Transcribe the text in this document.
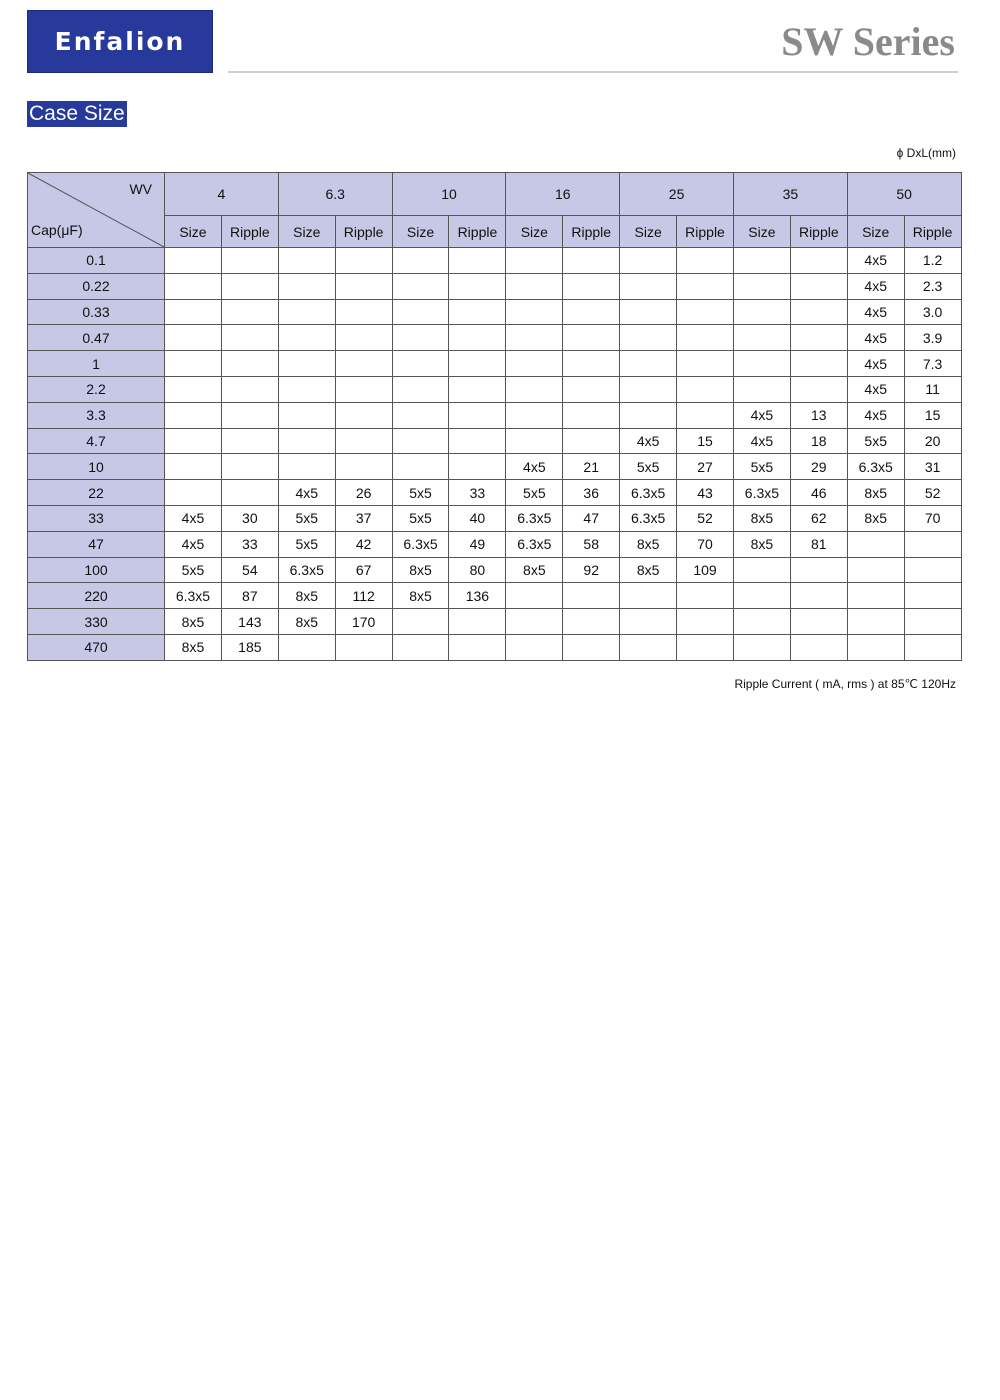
Enfalion	SW Series
Case Size
ϕ DxL(mm)
WV
Cap(μF)	4		6.3		10		16		25		35		50	
	Size	Ripple	Size	Ripple	Size	Ripple	Size	Ripple	Size	Ripple	Size	Ripple	Size	Ripple
0.1													4x5	1.2
0.22													4x5	2.3
0.33													4x5	3.0
0.47													4x5	3.9
1													4x5	7.3
2.2													4x5	11
3.3											4x5	13	4x5	15
4.7									4x5	15	4x5	18	5x5	20
10							4x5	21	5x5	27	5x5	29	6.3x5	31
22			4x5	26	5x5	33	5x5	36	6.3x5	43	6.3x5	46	8x5	52
33	4x5	30	5x5	37	5x5	40	6.3x5	47	6.3x5	52	8x5	62	8x5	70
47	4x5	33	5x5	42	6.3x5	49	6.3x5	58	8x5	70	8x5	81		
100	5x5	54	6.3x5	67	8x5	80	8x5	92	8x5	109				
220	6.3x5	87	8x5	112	8x5	136								
330	8x5	143	8x5	170										
470	8x5	185												
Ripple Current ( mA, rms ) at 85℃ 120Hz
